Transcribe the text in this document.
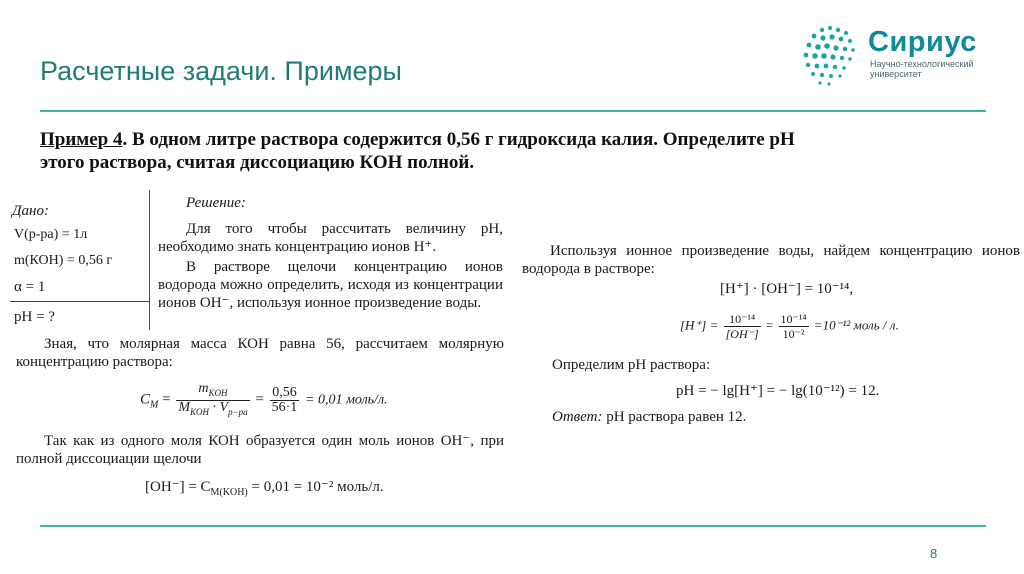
Расчетные задачи. Примеры
Сириус
Научно-технологический
университет
Пример 4. В одном литре раствора содержится 0,56 г гидроксида калия. Определите pH
этого раствора, считая диссоциацию КОН полной.
Дано:
V(р-ра) = 1л
m(КОН) = 0,56 г
α = 1
pH = ?
Решение:
Для того чтобы рассчитать величину pH, необходимо знать концентрацию ионов H⁺.
В растворе щелочи концентрацию ионов водорода можно определить, исходя из концентрации ионов OH⁻, используя ионное произведение воды.
Зная, что молярная масса КОН равна 56, рассчитаем молярную концентрацию раствора:
$C_M = \frac{m_{KOH}}{M_{KOH} \cdot V_{p-pa}} = \frac{0,56}{56\cdot 1} = 0,01$ моль/л.
Так как из одного моля КОН образуется один моль ионов OH⁻, при полной диссоциации щелочи
$[OH^-] = C_{M(KOH)} = 0,01 = 10^{-2}$ моль/л.
Используя ионное произведение воды, найдем концентрацию ионов водорода в растворе:
[H⁺] · [OH⁻] = 10⁻¹⁴,
$[H^+] = \frac{\text{10⁻¹⁴}}{[OH^-]} = \frac{\text{10⁻¹⁴}}{\text{10⁻²}} =10^{-12}$ моль / л.
Определим pH раствора:
pH = − lg[H⁺] = − lg(10⁻¹²) = 12.
Ответ: pH раствора равен 12.
8
